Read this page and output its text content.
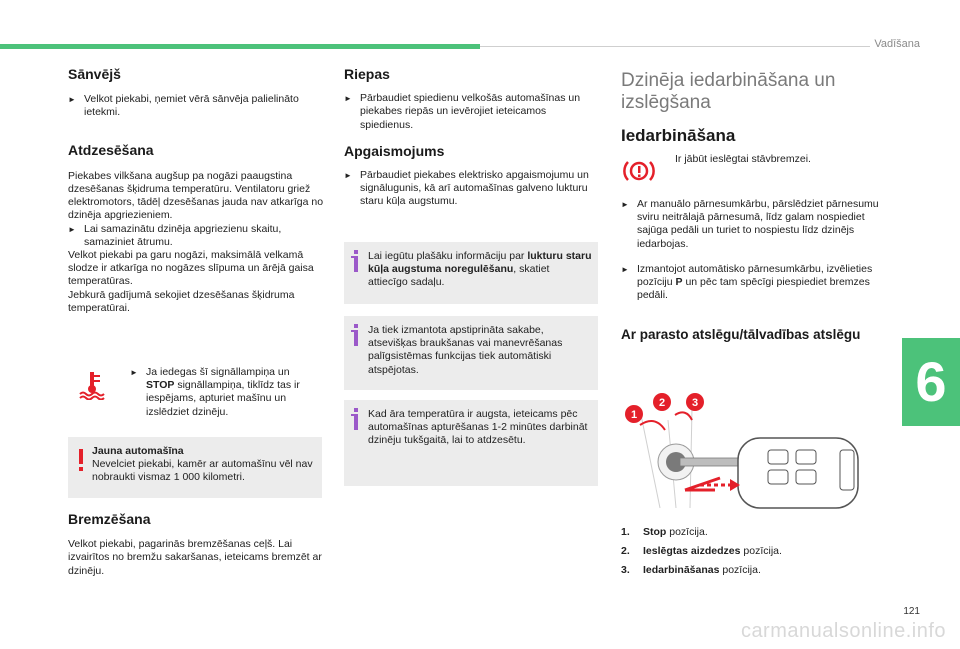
Vadīšana
Sānvējš
► Velkot piekabi, ņemiet vērā sānvēja palielināto ietekmi.
Atdzesēšana

Piekabes vilkšana augšup pa nogāzi paaugstina dzesēšanas šķidruma temperatūru. Ventilatoru griež elektromotors, tādēļ dzesēšanas jauda nav atkarīga no dzinēja apgriezieniem.

► Lai samazinātu dzinēja apgriezienu skaitu, samaziniet ātrumu.

Velkot piekabi pa garu nogāzi, maksimālā velkamā slodze ir atkarīga no nogāzes slīpuma un ārējā gaisa temperatūras.

Jebkurā gadījumā sekojiet dzesēšanas šķidruma temperatūrai.

► Ja iedegas šī signāllampiņa un STOP signāllampiņa, tiklīdz tas ir iespējams, apturiet mašīnu un izslēdziet dzinēju.
Jauna automašīna
Nevelciet piekabi, kamēr ar automašīnu vēl nav nobraukti vismaz 1 000 kilometri.
Bremzēšana

Velkot piekabi, pagarinās bremzēšanas ceļš. Lai izvairītos no bremžu sakaršanas, ieteicams bremzēt ar dzinēju.

Riepas
► Pārbaudiet spiedienu velkošās automašīnas un piekabes riepās un ievērojiet ieteicamos spiedienus.
Apgaismojums
► Pārbaudiet piekabes elektrisko apgaismojumu un signālugunis, kā arī automašīnas galveno lukturu staru kūļa augstumu.
Lai iegūtu plašāku informāciju par lukturu staru kūļa augstuma noregulēšanu, skatiet attiecīgo sadaļu.
Ja tiek izmantota apstiprināta sakabe, atsevišķas braukšanas vai manevrēšanas palīgsistēmas funkcijas tiek automātiski atspējotas.
Kad āra temperatūra ir augsta, ieteicams pēc automašīnas apturēšanas 1-2 minūtes darbināt dzinēju tukšgaitā, lai to atdzesētu.
Dzinēja iedarbināšana un izslēgšana
Iedarbināšana
Ir jābūt ieslēgtai stāvbremzei.
► Ar manuālo pārnesumkārbu, pārslēdziet pārnesumu sviru neitrālajā pārnesumā, līdz galam nospiediet sajūga pedāli un turiet to nospiestu līdz dzinējs iedarbojas.
► Izmantojot automātisko pārnesumkārbu, izvēlieties pozīciju P un pēc tam spēcīgi piespiediet bremzes pedāli.
Ar parasto atslēgu/tālvadības atslēgu
1
2 3
1.	Stop pozīcija.
2.	Ieslēgtas aizdedzes pozīcija.
3.	Iedarbināšanas pozīcija.
6
121
carmanualsonline.info
